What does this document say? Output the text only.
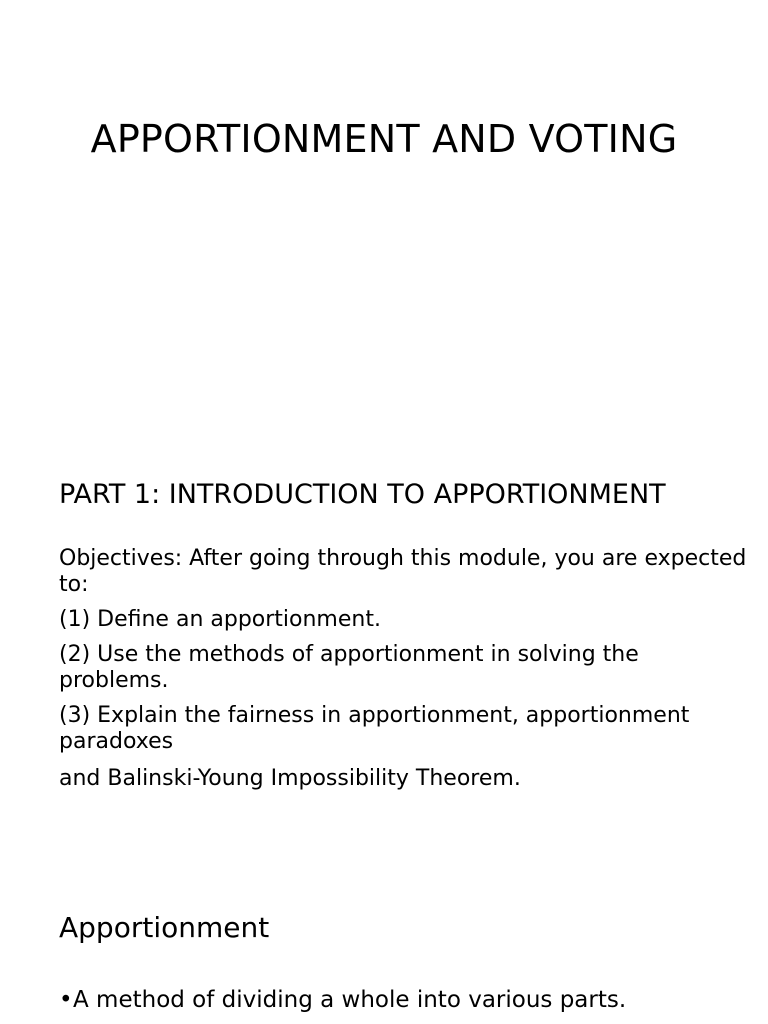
APPORTIONMENT AND VOTING
PART 1: INTRODUCTION TO APPORTIONMENT

Objectives: After going through this module, you are expected to:

(1) Define an apportionment.

(2) Use the methods of apportionment in solving the problems.

(3) Explain the fairness in apportionment, apportionment paradoxes

and Balinski-Young Impossibility Theorem.

Apportionment
•A method of dividing a whole into various parts.
